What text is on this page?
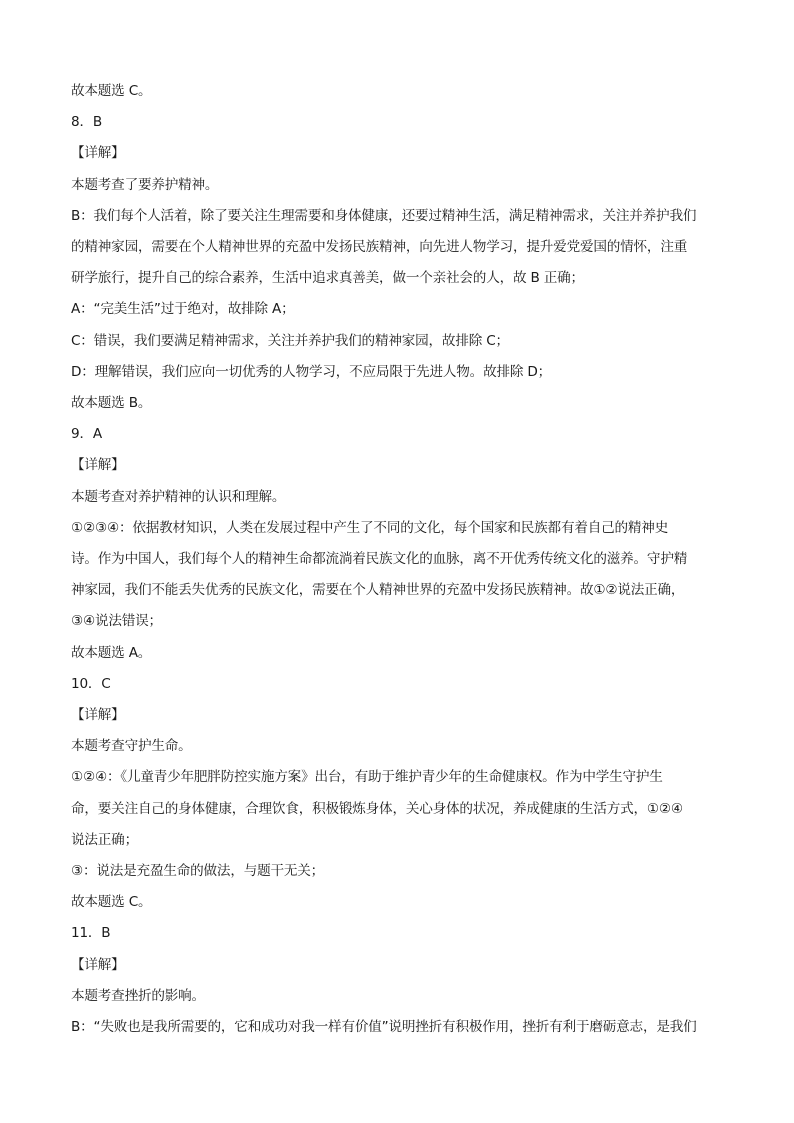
故本题选 C。

8．B

【详解】

本题考查了要养护精神。

B：我们每个人活着，除了要关注生理需要和身体健康，还要过精神生活，满足精神需求，关注并养护我们

的精神家园，需要在个人精神世界的充盈中发扬民族精神，向先进人物学习，提升爱党爱国的情怀，注重

研学旅行，提升自己的综合素养，生活中追求真善美，做一个亲社会的人，故 B 正确；

A：“完美生活”过于绝对，故排除 A；

C：错误，我们要满足精神需求，关注并养护我们的精神家园，故排除 C；

D：理解错误，我们应向一切优秀的人物学习，不应局限于先进人物。故排除 D；

故本题选 B。

9．A

【详解】

本题考查对养护精神的认识和理解。

①②③④：依据教材知识，人类在发展过程中产生了不同的文化，每个国家和民族都有着自己的精神史

诗。作为中国人，我们每个人的精神生命都流淌着民族文化的血脉，离不开优秀传统文化的滋养。守护精

神家园，我们不能丢失优秀的民族文化，需要在个人精神世界的充盈中发扬民族精神。故①②说法正确，

③④说法错误；

故本题选 A。

10．C

【详解】

本题考查守护生命。

①②④：《儿童青少年肥胖防控实施方案》出台，有助于维护青少年的生命健康权。作为中学生守护生

命，要关注自己的身体健康，合理饮食，积极锻炼身体，关心身体的状况，养成健康的生活方式，①②④

说法正确；

③：说法是充盈生命的做法，与题干无关；

故本题选 C。

11．B

【详解】

本题考查挫折的影响。

B：“失败也是我所需要的，它和成功对我一样有价值”说明挫折有积极作用，挫折有利于磨砺意志，是我们
